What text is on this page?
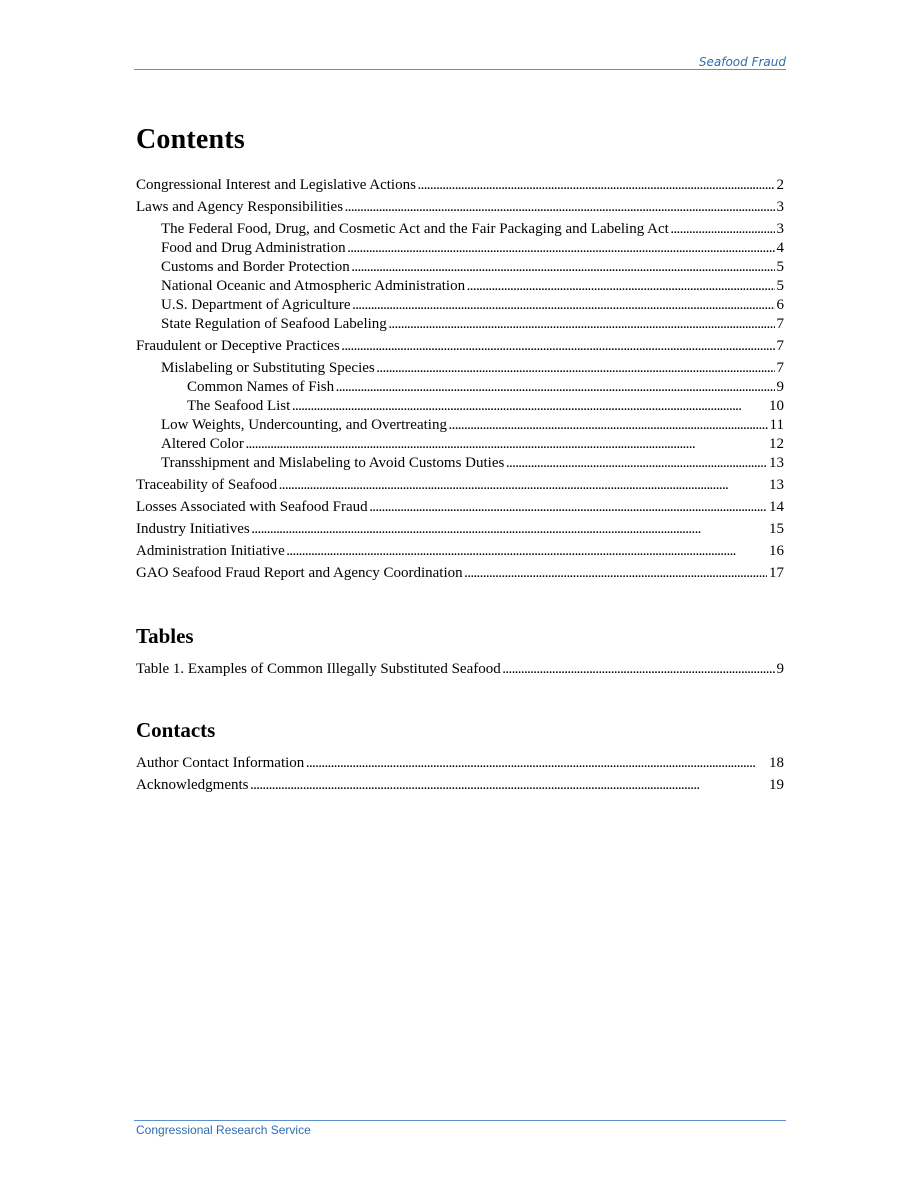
Seafood Fraud
Contents
Congressional Interest and Legislative Actions . . .	2
Laws and Agency Responsibilities . . .	3
The Federal Food, Drug, and Cosmetic Act and the Fair Packaging and Labeling Act . . .	3
Food and Drug Administration . . .	4
Customs and Border Protection . . .	5
National Oceanic and Atmospheric Administration . . .	5
U.S. Department of Agriculture . . .	6
State Regulation of Seafood Labeling . . .	7
Fraudulent or Deceptive Practices . . .	7
Mislabeling or Substituting Species . . .	7
Common Names of Fish . . .	9
The Seafood List . . .	10
Low Weights, Undercounting, and Overtreating . . .	11
Altered Color . . .	12
Transshipment and Mislabeling to Avoid Customs Duties . . .	13
Traceability of Seafood . . .	13
Losses Associated with Seafood Fraud . . .	14
Industry Initiatives . . .	15
Administration Initiative . . .	16
GAO Seafood Fraud Report and Agency Coordination . . .	17
Tables
Table 1. Examples of Common Illegally Substituted Seafood . . .	9
Contacts
Author Contact Information . . .	18
Acknowledgments . . .	19
Congressional Research Service
